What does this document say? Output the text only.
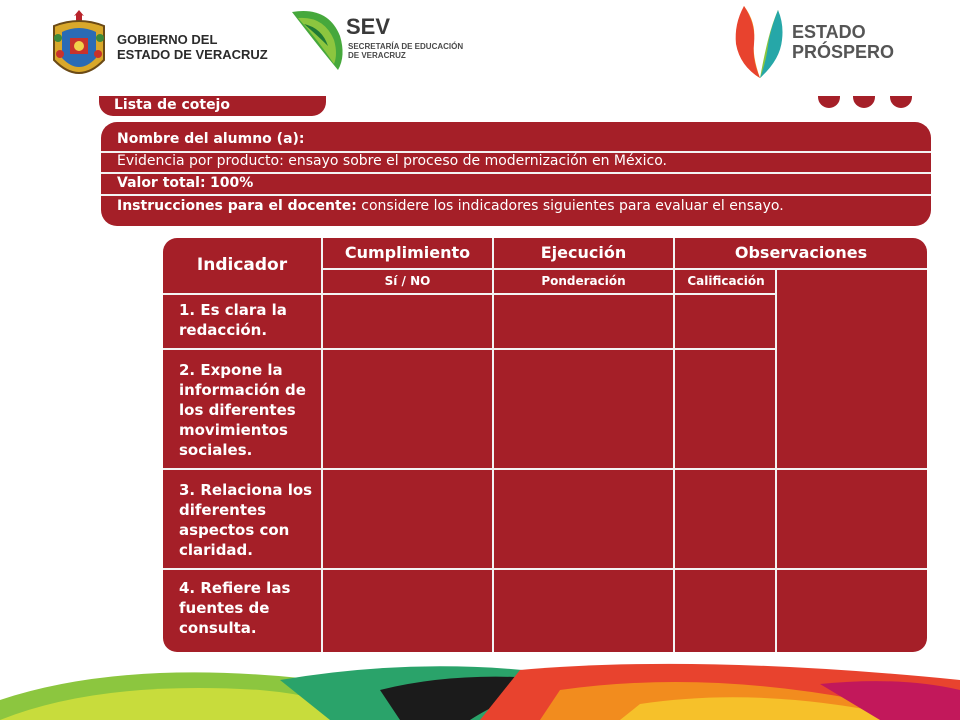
GOBIERNO DEL
ESTADO DE VERACRUZ
SEV
SECRETARÍA DE EDUCACIÓN
DE VERACRUZ
ESTADO
PRÓSPERO
Lista de cotejo
Nombre del alumno (a):
Evidencia por producto: ensayo sobre el proceso de modernización en México.
Valor total: 100%
Instrucciones para el docente: considere los indicadores siguientes para evaluar el ensayo.
Indicador
Cumplimiento	Ejecución	Observaciones
Sí / NO	Ponderación	Calificación
1. Es clara la redacción.
2. Expone la información de los diferentes movimientos sociales.
3. Relaciona los diferentes aspectos con claridad.
4. Refiere las fuentes de consulta.
